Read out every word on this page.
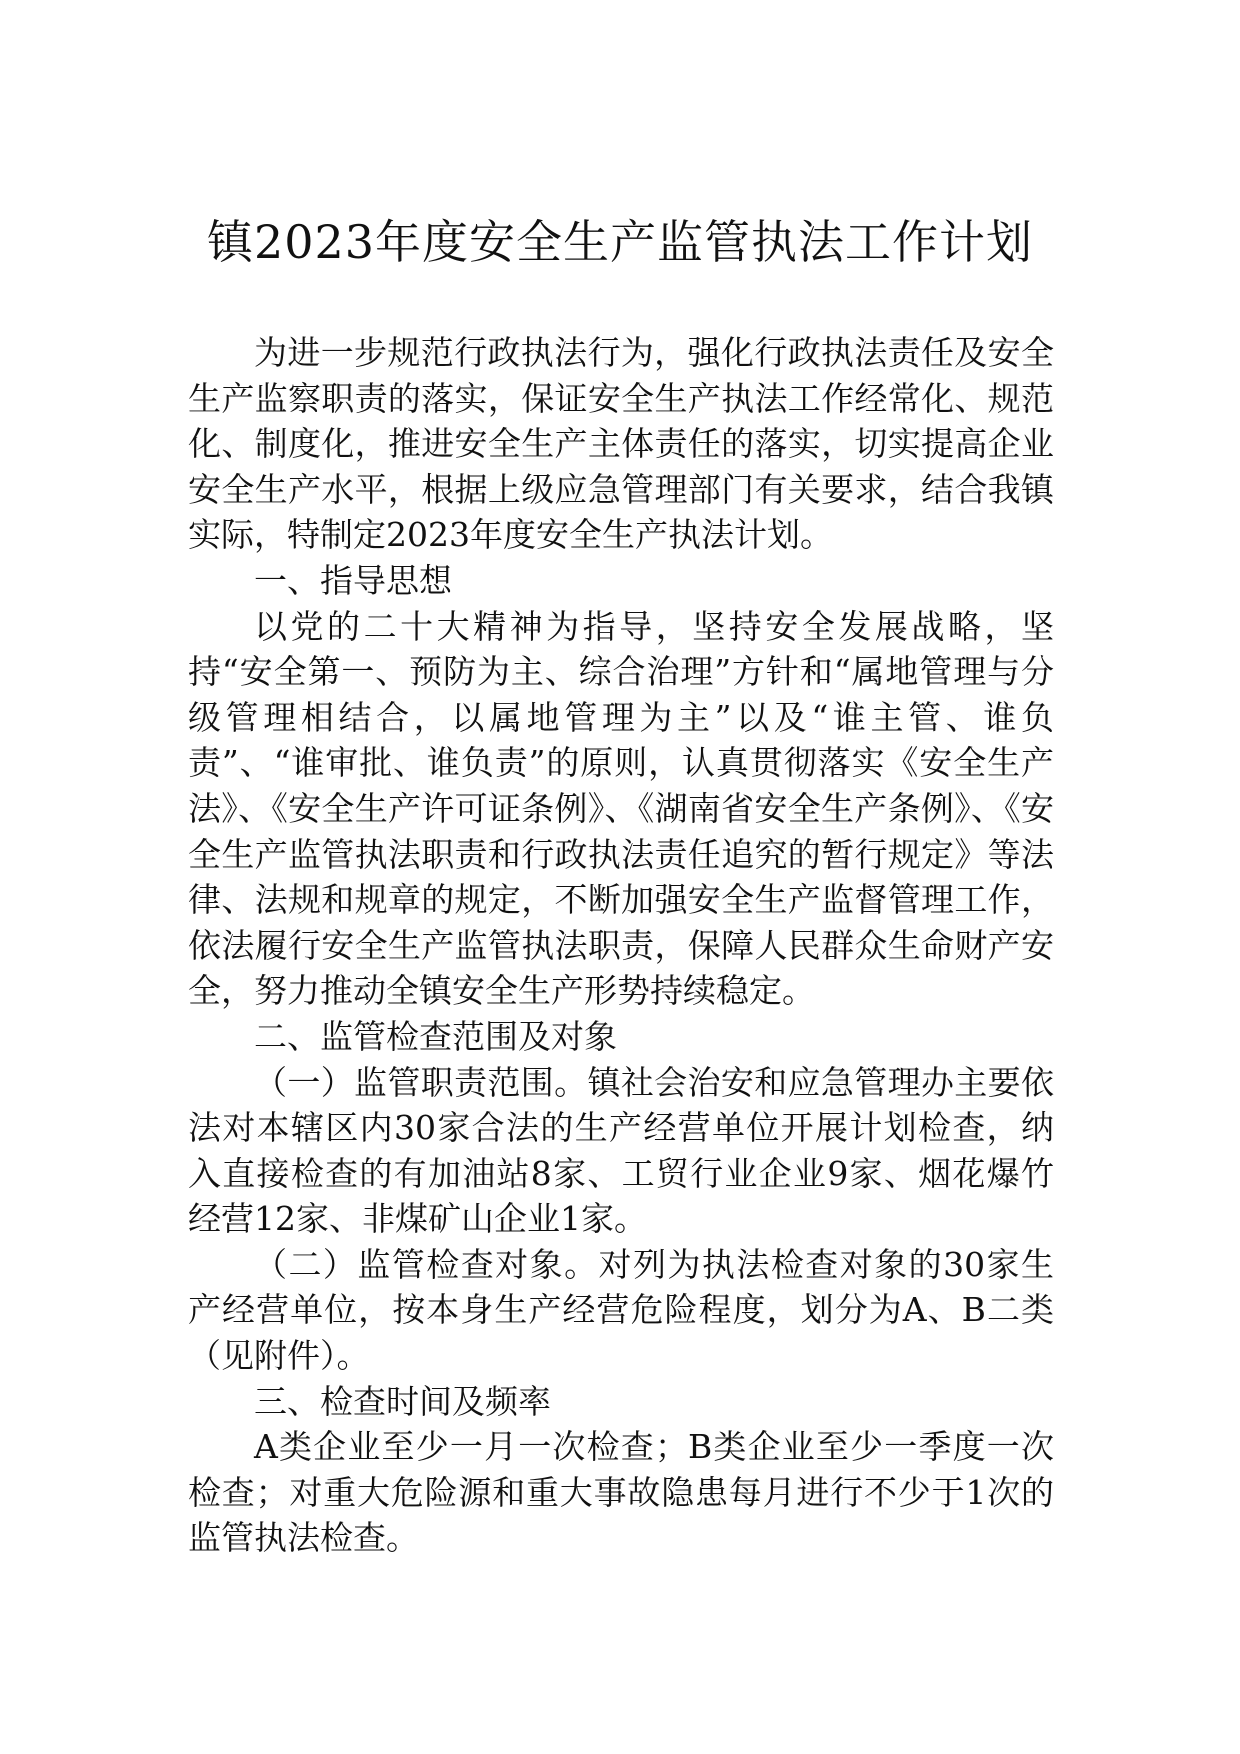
镇2023年度安全生产监管执法工作计划

为进一步规范行政执法行为，强化行政执法责任及安全生产监察职责的落实，保证安全生产执法工作经常化、规范化、制度化，推进安全生产主体责任的落实，切实提高企业安全生产水平，根据上级应急管理部门有关要求，结合我镇实际，特制定2023年度安全生产执法计划。

一、指导思想

以党的二十大精神为指导，坚持安全发展战略，坚持“安全第一、预防为主、综合治理”方针和“属地管理与分级管理相结合，以属地管理为主”以及“谁主管、谁负责”、“谁审批、谁负责”的原则，认真贯彻落实《安全生产法》、《安全生产许可证条例》、《湖南省安全生产条例》、《安全生产监管执法职责和行政执法责任追究的暂行规定》等法律、法规和规章的规定，不断加强安全生产监督管理工作，依法履行安全生产监管执法职责，保障人民群众生命财产安全，努力推动全镇安全生产形势持续稳定。

二、监管检查范围及对象

（一）监管职责范围。镇社会治安和应急管理办主要依法对本辖区内30家合法的生产经营单位开展计划检查，纳入直接检查的有加油站8家、工贸行业企业9家、烟花爆竹经营12家、非煤矿山企业1家。

（二）监管检查对象。对列为执法检查对象的30家生产经营单位，按本身生产经营危险程度，划分为A、B二类（见附件）。

三、检查时间及频率

A类企业至少一月一次检查；B类企业至少一季度一次检查；对重大危险源和重大事故隐患每月进行不少于1次的监管执法检查。
